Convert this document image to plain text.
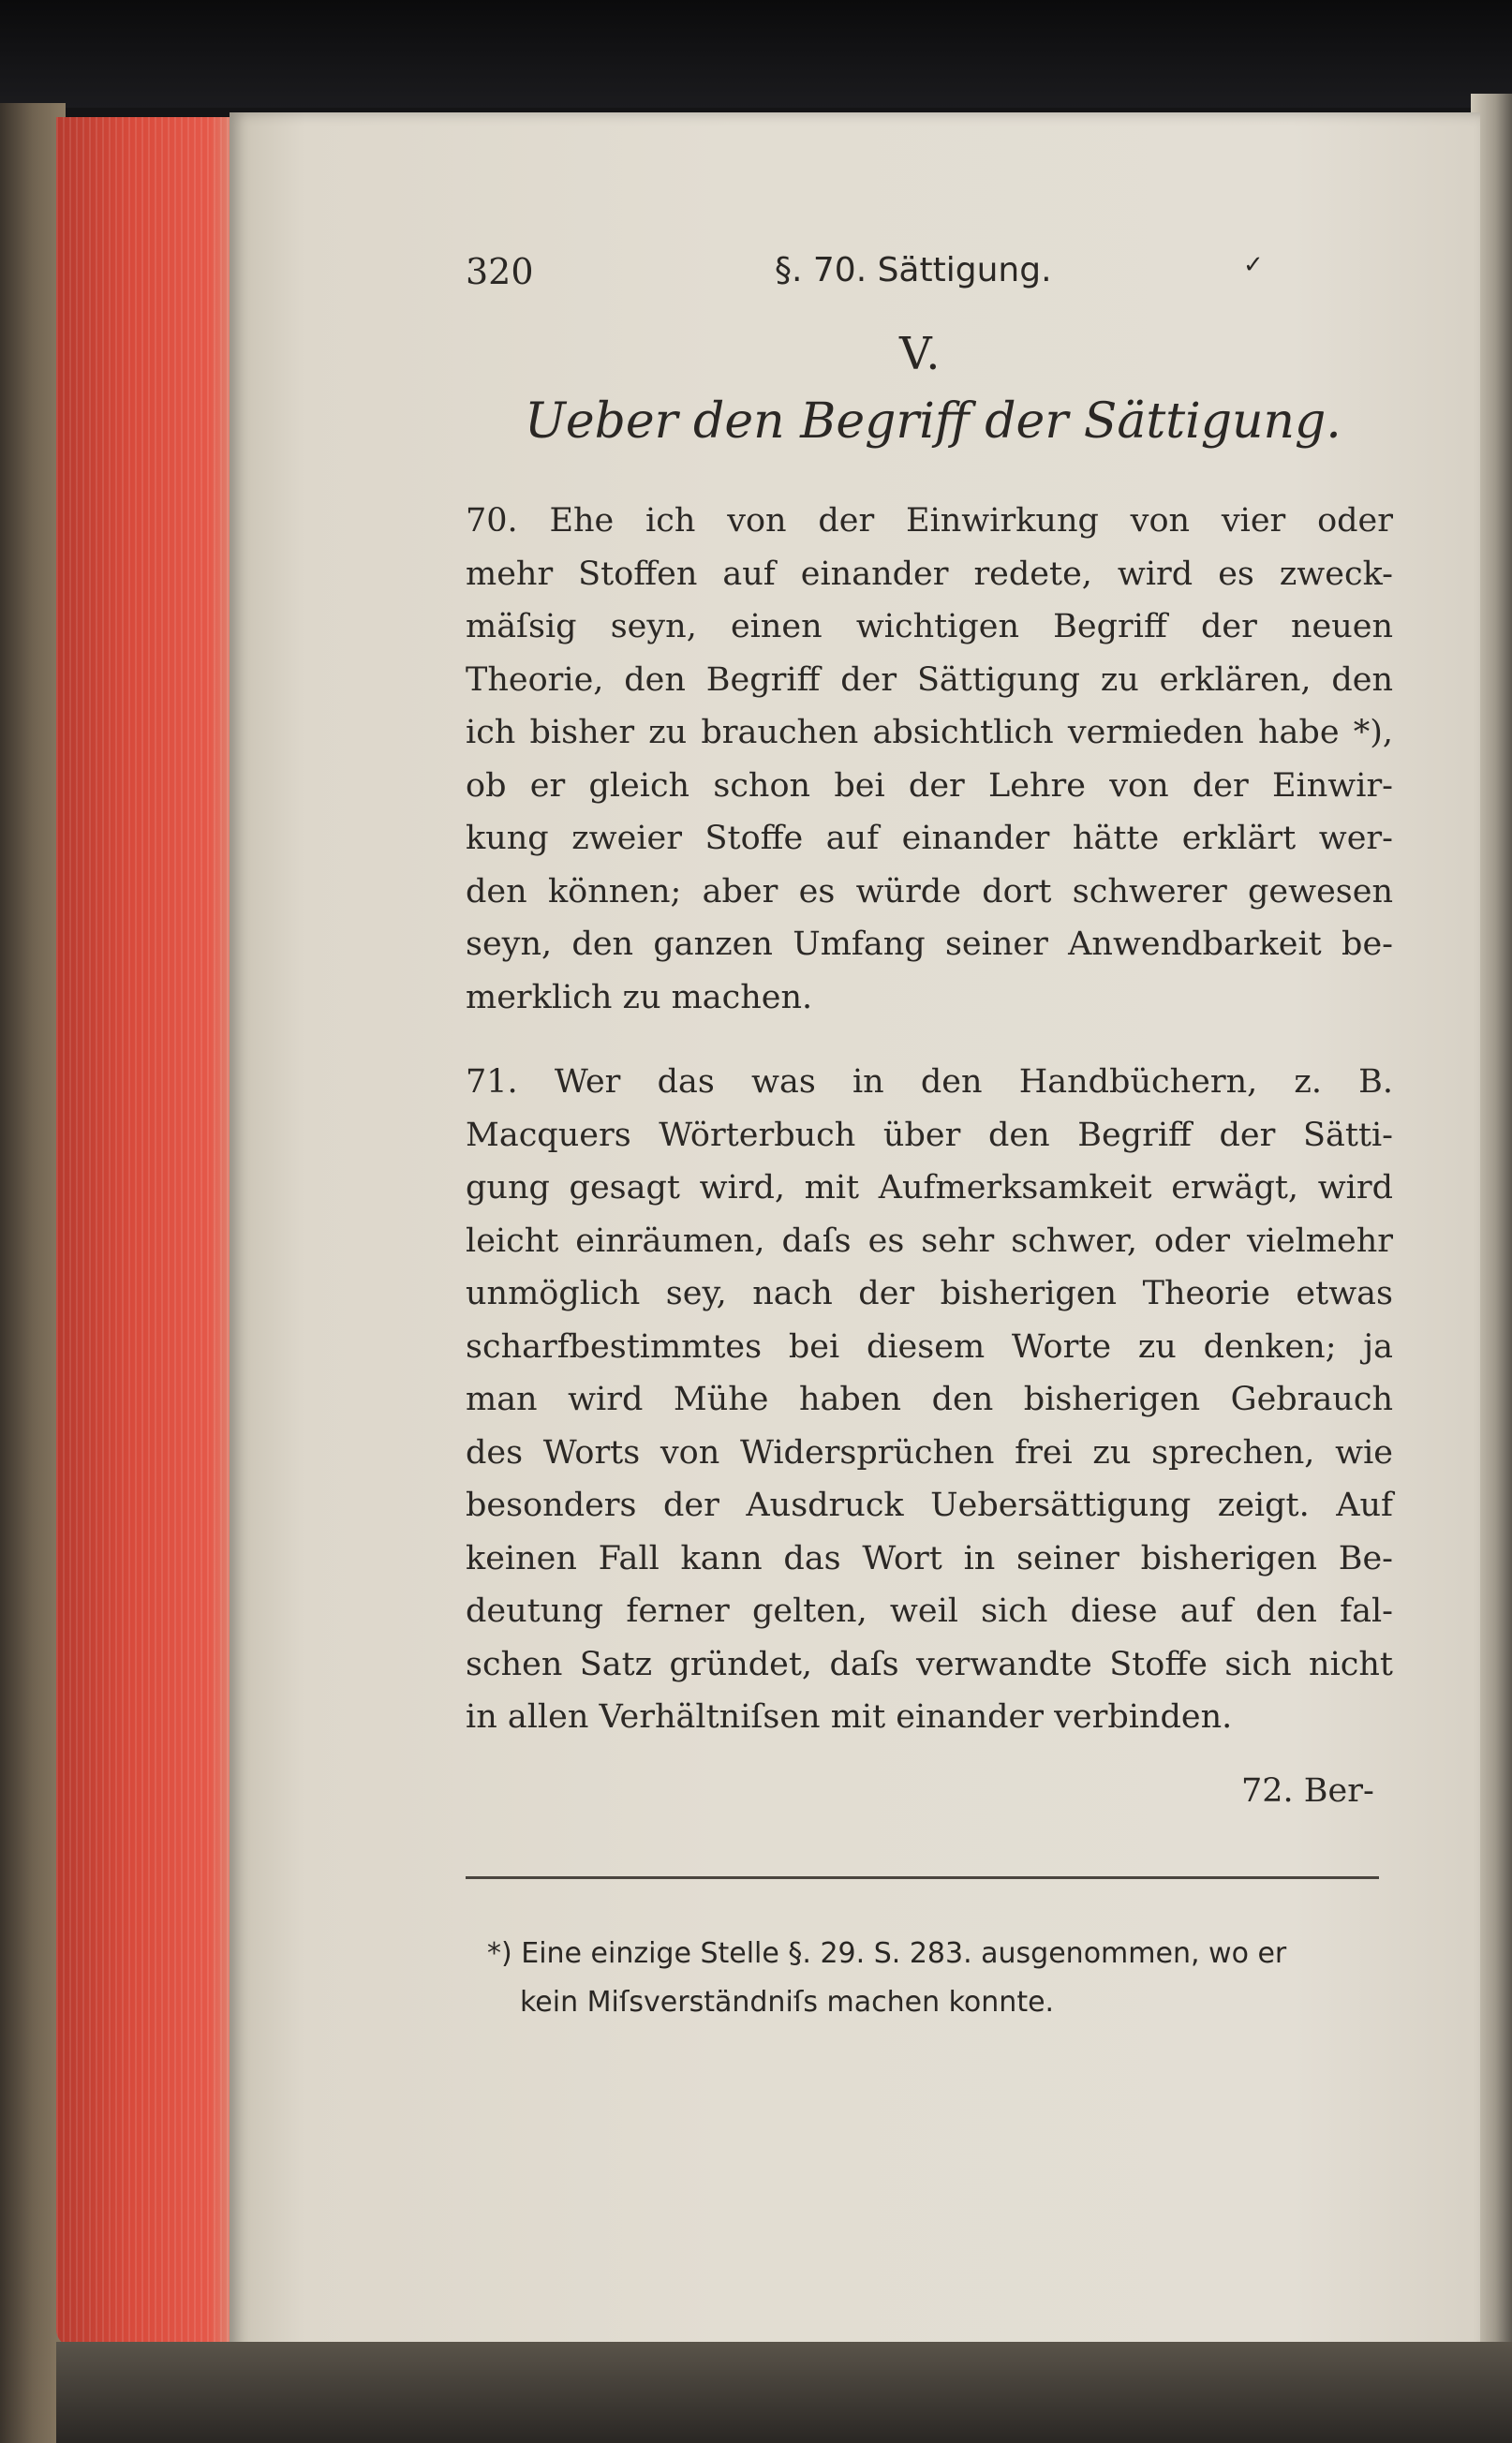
320	§. 70. Sättigung.	✓
V.
Ueber den Begriff der Sättigung.
70. Ehe ich von der Einwirkung von vier oder
mehr Stoffen auf einander redete, wird es zweck-
mäſsig seyn, einen wichtigen Begriff der neuen
Theorie, den Begriff der Sättigung zu erklären, den
ich bisher zu brauchen absichtlich vermieden habe *),
ob er gleich schon bei der Lehre von der Einwir-
kung zweier Stoffe auf einander hätte erklärt wer-
den können; aber es würde dort schwerer gewesen
seyn, den ganzen Umfang seiner Anwendbarkeit be-
merklich zu machen.
71. Wer das was in den Handbüchern, z. B.
Macquers Wörterbuch über den Begriff der Sätti-
gung gesagt wird, mit Aufmerksamkeit erwägt, wird
leicht einräumen, daſs es sehr schwer, oder vielmehr
unmöglich sey, nach der bisherigen Theorie etwas
scharfbestimmtes bei diesem Worte zu denken; ja
man wird Mühe haben den bisherigen Gebrauch
des Worts von Widersprüchen frei zu sprechen, wie
besonders der Ausdruck Uebersättigung zeigt. Auf
keinen Fall kann das Wort in seiner bisherigen Be-
deutung ferner gelten, weil sich diese auf den fal-
schen Satz gründet, daſs verwandte Stoffe sich nicht
in allen Verhältniſsen mit einander verbinden.
72. Ber-
*) Eine einzige Stelle §. 29. S. 283. ausgenommen, wo er
kein Miſsverständniſs machen konnte.
